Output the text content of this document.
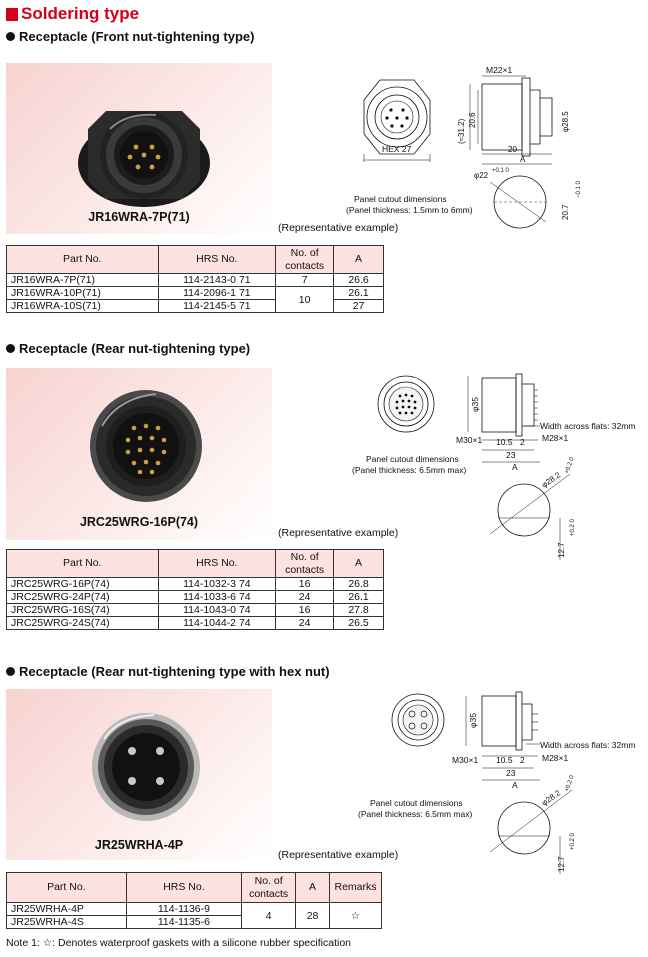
Soldering type
Receptacle (Front nut-tightening type)
JR16WRA-7P(71)
(Representative example)
HEX 27
M22×1
(≈31.2) 20.6	φ28.5
20
A
φ22 +0.1 0
20.7
−0.1 0
Panel cutout dimensions
(Panel thickness: 1.5mm to 6mm)
Part No.	HRS No.	No. of contacts	A
JR16WRA-7P(71)	114-2143-0 71	7	26.6
JR16WRA-10P(71)	114-2096-1 71	10	26.1
JR16WRA-10S(71)	114-2145-5 71		27
Receptacle (Rear nut-tightening type)
JRC25WRG-16P(74)
(Representative example)
φ35
Width across flats: 32mm
M30×1 10.5 2 M28×1
23
A
Panel cutout dimensions
(Panel thickness: 6.5mm max)
φ28.2
+0.2 0
12.7
+0.2 0
Part No.	HRS No.	No. of contacts	A
JRC25WRG-16P(74)	114-1032-3 74	16	26.8
JRC25WRG-24P(74)	114-1033-6 74	24	26.1
JRC25WRG-16S(74)	114-1043-0 74	16	27.8
JRC25WRG-24S(74)	114-1044-2 74	24	26.5
Receptacle (Rear nut-tightening type with hex nut)
JR25WRHA-4P
(Representative example)
φ35
Width across flats: 32mm
M30×1 10.5 2 M28×1
23
A
Panel cutout dimensions
(Panel thickness: 6.5mm max)
φ28.2
+0.2 0
12.7
+0.2 0
Part No.	HRS No.	No. of contacts	A	Remarks
JR25WRHA-4P	114-1136-9	4	28	☆
JR25WRHA-4S	114-1135-6			
Note 1: ☆: Denotes waterproof gaskets with a silicone rubber specification
